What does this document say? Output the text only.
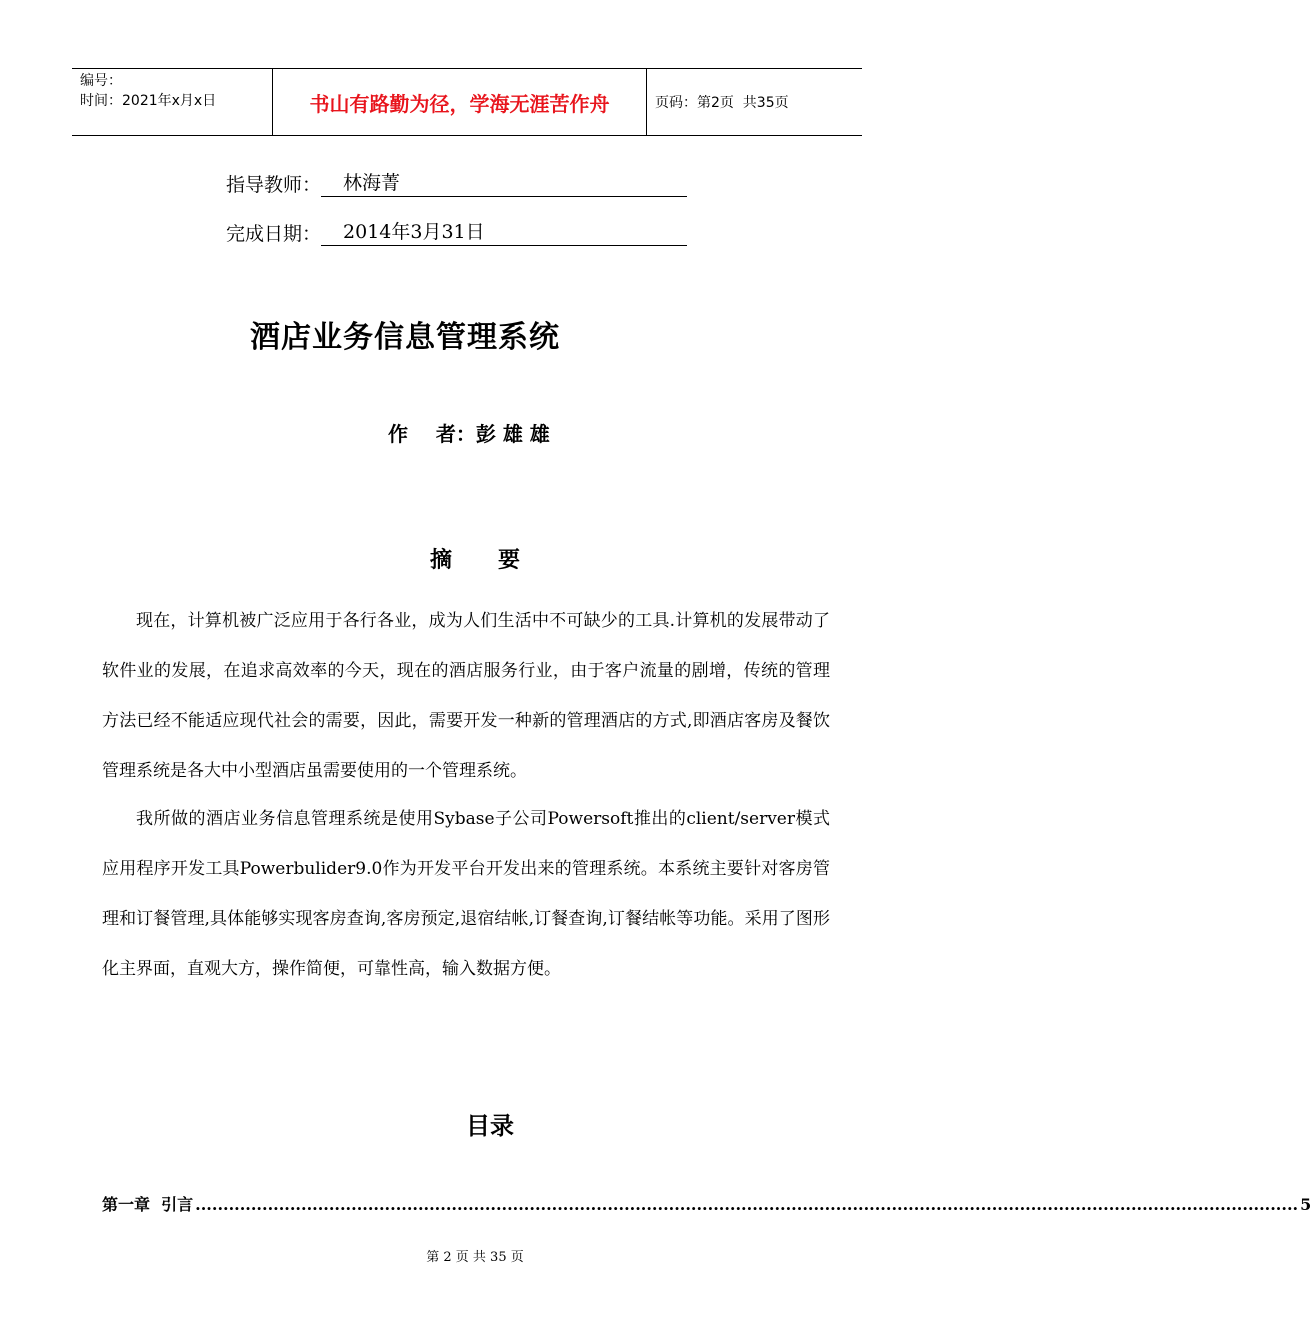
编号：
时间：2021年x月x日	书山有路勤为径，学海无涯苦作舟	页码：第2页  共35页
指导教师：	林海菁
完成日期：	2014年3月31日
酒店业务信息管理系统
作    者：彭 雄 雄
摘      要
现在，计算机被广泛应用于各行各业，成为人们生活中不可缺少的工具.计算机的发展带动了软件业的发展，在追求高效率的今天，现在的酒店服务行业，由于客户流量的剧增，传统的管理方法已经不能适应现代社会的需要，因此，需要开发一种新的管理酒店的方式,即酒店客房及餐饮管理系统是各大中小型酒店虽需要使用的一个管理系统。
我所做的酒店业务信息管理系统是使用Sybase子公司Powersoft推出的client/server模式应用程序开发工具Powerbulider9.0作为开发平台开发出来的管理系统。本系统主要针对客房管理和订餐管理,具体能够实现客房查询,客房预定,退宿结帐,订餐查询,订餐结帐等功能。采用了图形化主界面，直观大方，操作简便，可靠性高，输入数据方便。
目录
第一章  引言 ...................................................................................................................................................................................................... 5
第 2 页 共 35 页
